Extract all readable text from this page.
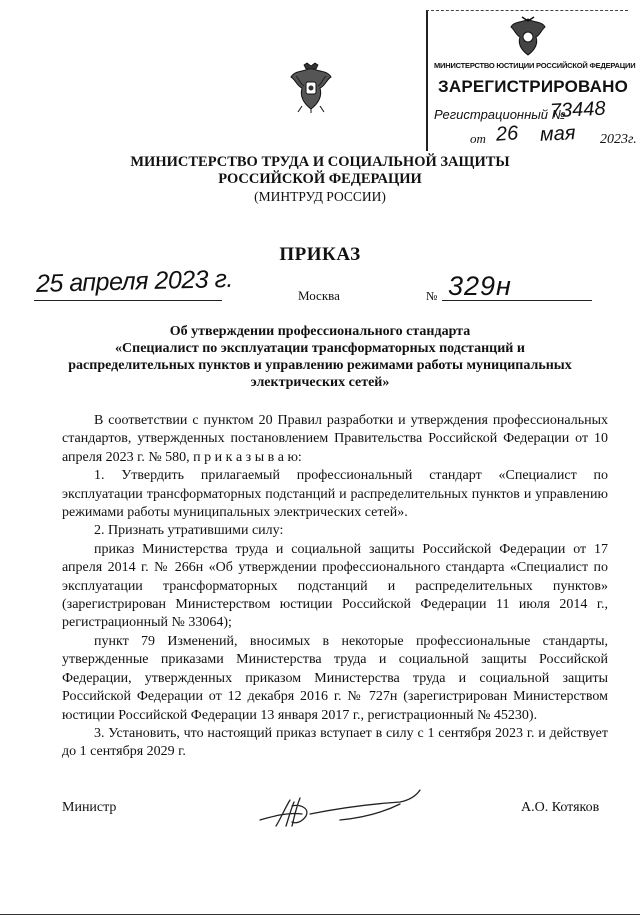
МИНИСТЕРСТВО ЮСТИЦИИ РОССИЙСКОЙ ФЕДЕРАЦИИ
ЗАРЕГИСТРИРОВАНО
Регистрационный №
73448
от 26 мая 2023г.
МИНИСТЕРСТВО ТРУДА И СОЦИАЛЬНОЙ ЗАЩИТЫ
РОССИЙСКОЙ ФЕДЕРАЦИИ
(МИНТРУД РОССИИ)
ПРИКАЗ
25 апреля 2023 г.	Москва	№ 329н
Об утверждении профессионального стандарта
«Специалист по эксплуатации трансформаторных подстанций и
распределительных пунктов и управлению режимами работы муниципальных
электрических сетей»

В соответствии с пунктом 20 Правил разработки и утверждения профессиональных стандартов, утвержденных постановлением Правительства Российской Федерации от 10 апреля 2023 г. № 580, п р и к а з ы в а ю:

1. Утвердить прилагаемый профессиональный стандарт «Специалист по эксплуатации трансформаторных подстанций и распределительных пунктов и управлению режимами работы муниципальных электрических сетей».

2. Признать утратившими силу:

приказ Министерства труда и социальной защиты Российской Федерации от 17 апреля 2014 г. № 266н «Об утверждении профессионального стандарта «Специалист по эксплуатации трансформаторных подстанций и распределительных пунктов» (зарегистрирован Министерством юстиции Российской Федерации 11 июля 2014 г., регистрационный № 33064);

пункт 79 Изменений, вносимых в некоторые профессиональные стандарты, утвержденные приказами Министерства труда и социальной защиты Российской Федерации, утвержденных приказом Министерства труда и социальной защиты Российской Федерации от 12 декабря 2016 г. № 727н (зарегистрирован Министерством юстиции Российской Федерации 13 января 2017 г., регистрационный № 45230).

3. Установить, что настоящий приказ вступает в силу с 1 сентября 2023 г. и действует до 1 сентября 2029 г.

Министр	А.О. Котяков
